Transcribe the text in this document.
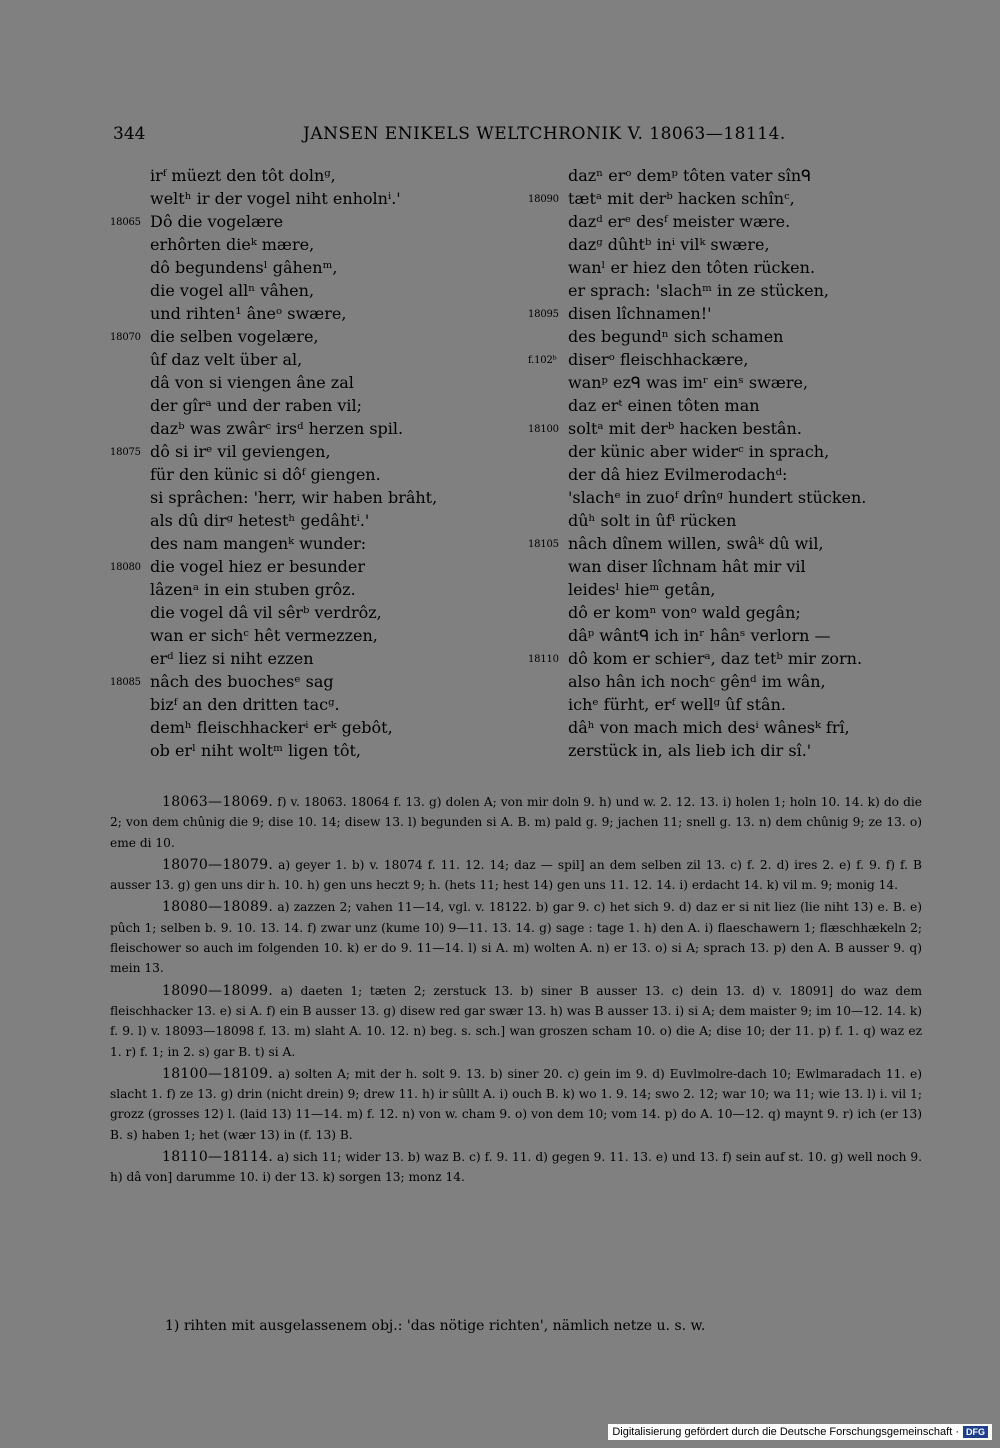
344	JANSEN ENIKELS WELTCHRONIK V. 18063—18114.
irᶠ müezt den tôt dolnᵍ,
weltʰ ir der vogel niht enholnⁱ.'
18065 Dô die vogelære
erhôrten dieᵏ mære,
dô begundensˡ gâhenᵐ,
die vogel allⁿ vâhen,
und rihten¹ âneᵒ swære,
18070 die selben vogelære,
ûf daz velt über al,
dâ von si viengen âne zal
der gîrᵃ und der raben vil;
dazᵇ was zwârᶜ irsᵈ herzen spil.
18075 dô si irᵉ vil geviengen,
für den künic si dôᶠ giengen.
si sprâchen: 'herr, wir haben brâht,
als dû dirᵍ hetestʰ gedâhtⁱ.'
des nam mangenᵏ wunder:
18080 die vogel hiez er besunder
lâzenᵃ in ein stuben grôz.
die vogel dâ vil sêrᵇ verdrôz,
wan er sichᶜ hêt vermezzen,
erᵈ liez si niht ezzen
18085 nâch des buochesᵉ sag
bizᶠ an den dritten tacᵍ.
demʰ fleischhackerⁱ erᵏ gebôt,
ob erˡ niht woltᵐ ligen tôt,
dazⁿ erᵒ demᵖ tôten vater sînᑫ
18090 tætᵃ mit derᵇ hacken schînᶜ,
dazᵈ erᵉ desᶠ meister wære.
dazᵍ dûhtᵇ inⁱ vilᵏ swære,
wanˡ er hiez den tôten rücken.
er sprach: 'slachᵐ in ze stücken,
18095 disen lîchnamen!'
des begundⁿ sich schamen
f.102ᵇ diserᵒ fleischhackære,
wanᵖ ezᑫ was imʳ einˢ swære,
daz erᵗ einen tôten man
18100 soltᵃ mit derᵇ hacken bestân.
der künic aber widerᶜ in sprach,
der dâ hiez Evilmerodachᵈ:
'slachᵉ in zuoᶠ drînᵍ hundert stücken.
dûʰ solt in ûfⁱ rücken
18105 nâch dînem willen, swâᵏ dû wil,
wan diser lîchnam hât mir vil
leidesˡ hieᵐ getân,
dô er komⁿ vonᵒ wald gegân;
dâᵖ wântᑫ ich inʳ hânˢ verlorn —
18110 dô kom er schierᵃ, daz tetᵇ mir zorn.
also hân ich nochᶜ gênᵈ im wân,
ichᵉ fürht, erᶠ wellᵍ ûf stân.
dâʰ von mach mich desⁱ wânesᵏ frî,
zerstück in, als lieb ich dir sî.'

18063—18069. f) v. 18063. 18064 f. 13. g) dolen A; von mir doln 9. h) und w. 2. 12. 13. i) holen 1; holn 10. 14. k) do die 2; von dem chûnig die 9; dise 10. 14; disew 13. l) begunden si A. B. m) pald g. 9; jachen 11; snell g. 13. n) dem chûnig 9; ze 13. o) eme di 10.

18070—18079. a) geyer 1. b) v. 18074 f. 11. 12. 14; daz — spil] an dem selben zil 13. c) f. 2. d) ires 2. e) f. 9. f) f. B ausser 13. g) gen uns dir h. 10. h) gen uns heczt 9; h. (hets 11; hest 14) gen uns 11. 12. 14. i) erdacht 14. k) vil m. 9; monig 14.

18080—18089. a) zazzen 2; vahen 11—14, vgl. v. 18122. b) gar 9. c) het sich 9. d) daz er si nit liez (lie niht 13) e. B. e) pûch 1; selben b. 9. 10. 13. 14. f) zwar unz (kume 10) 9—11. 13. 14. g) sage : tage 1. h) den A. i) flaeschawern 1; flæschhækeln 2; fleischower so auch im folgenden 10. k) er do 9. 11—14. l) si A. m) wolten A. n) er 13. o) si A; sprach 13. p) den A. B ausser 9. q) mein 13.

18090—18099. a) daeten 1; tæten 2; zerstuck 13. b) siner B ausser 13. c) dein 13. d) v. 18091] do waz dem fleischhacker 13. e) si A. f) ein B ausser 13. g) disew red gar swær 13. h) was B ausser 13. i) si A; dem maister 9; im 10—12. 14. k) f. 9. l) v. 18093—18098 f. 13. m) slaht A. 10. 12. n) beg. s. sch.] wan groszen scham 10. o) die A; dise 10; der 11. p) f. 1. q) waz ez 1. r) f. 1; in 2. s) gar B. t) si A.

18100—18109. a) solten A; mit der h. solt 9. 13. b) siner 20. c) gein im 9. d) Euvlmolre-dach 10; Ewlmaradach 11. e) slacht 1. f) ze 13. g) drin (nicht drein) 9; drew 11. h) ir sûllt A. i) ouch B. k) wo 1. 9. 14; swo 2. 12; war 10; wa 11; wie 13. l) i. vil 1; grozz (grosses 12) l. (laid 13) 11—14. m) f. 12. n) von w. cham 9. o) von dem 10; vom 14. p) do A. 10—12. q) maynt 9. r) ich (er 13) B. s) haben 1; het (wær 13) in (f. 13) B.

18110—18114. a) sich 11; wider 13. b) waz B. c) f. 9. 11. d) gegen 9. 11. 13. e) und 13. f) sein auf st. 10. g) well noch 9. h) dâ von] darumme 10. i) der 13. k) sorgen 13; monz 14.

1) rihten mit ausgelassenem obj.: 'das nötige richten', nämlich netze u. s. w.
Digitalisierung gefördert durch die Deutsche Forschungsgemeinschaft · DFG
